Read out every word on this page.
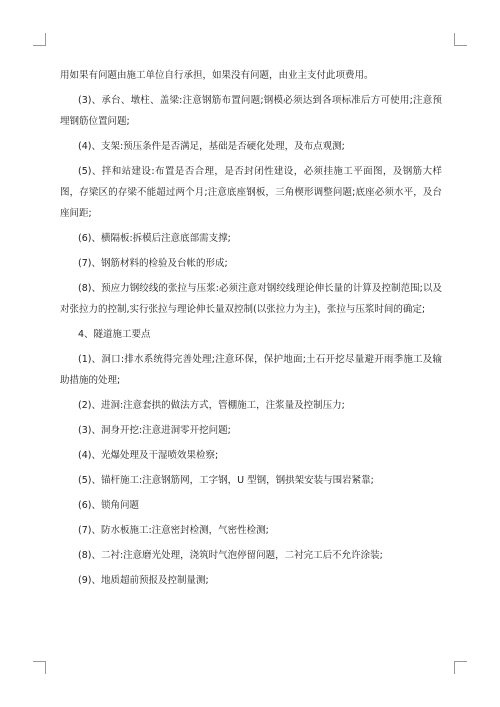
用如果有问题由施工单位自行承担，如果没有问题，由业主支付此项费用。

(3)、承台、墩柱、盖梁:注意钢筋布置问题;钢模必须达到各项标准后方可使用;注意预埋钢筋位置问题;

(4)、支架:预压条件是否满足，基础是否硬化处理，及布点观测;

(5)、拌和站建设:布置是否合理，是否封闭性建设，必须挂施工平面图，及钢筋大样图，存梁区的存梁不能超过两个月;注意底座钢板，三角楔形调整问题;底座必须水平，及台座间距;

(6)、横隔板:拆模后注意底部需支撑;

(7)、钢筋材料的检验及台帐的形成;

(8)、预应力钢绞线的张拉与压浆:必须注意对钢绞线理论伸长量的计算及控制范围;以及对张拉力的控制,实行张拉与理论伸长量双控制(以张拉力为主)，张拉与压浆时间的确定;

4、隧道施工要点

(1)、洞口:排水系统得完善处理;注意环保，保护地面;土石开挖尽量避开雨季施工及输助措施的处理;

(2)、进洞:注意套拱的做法方式，管棚施工，注浆量及控制压力;

(3)、洞身开挖:注意进洞零开挖问题;

(4)、光爆处理及干湿喷效果检察;

(5)、锚杆施工:注意钢筋网，工字钢，U 型钢，钢拱架安装与围岩紧靠;

(6)、锁角问题

(7)、防水板施工:注意密封检测，气密性检测;

(8)、二衬:注意磨光处理，浇筑时气泡停留问题，二衬完工后不允许涂装;

(9)、地质超前预报及控制量测;
